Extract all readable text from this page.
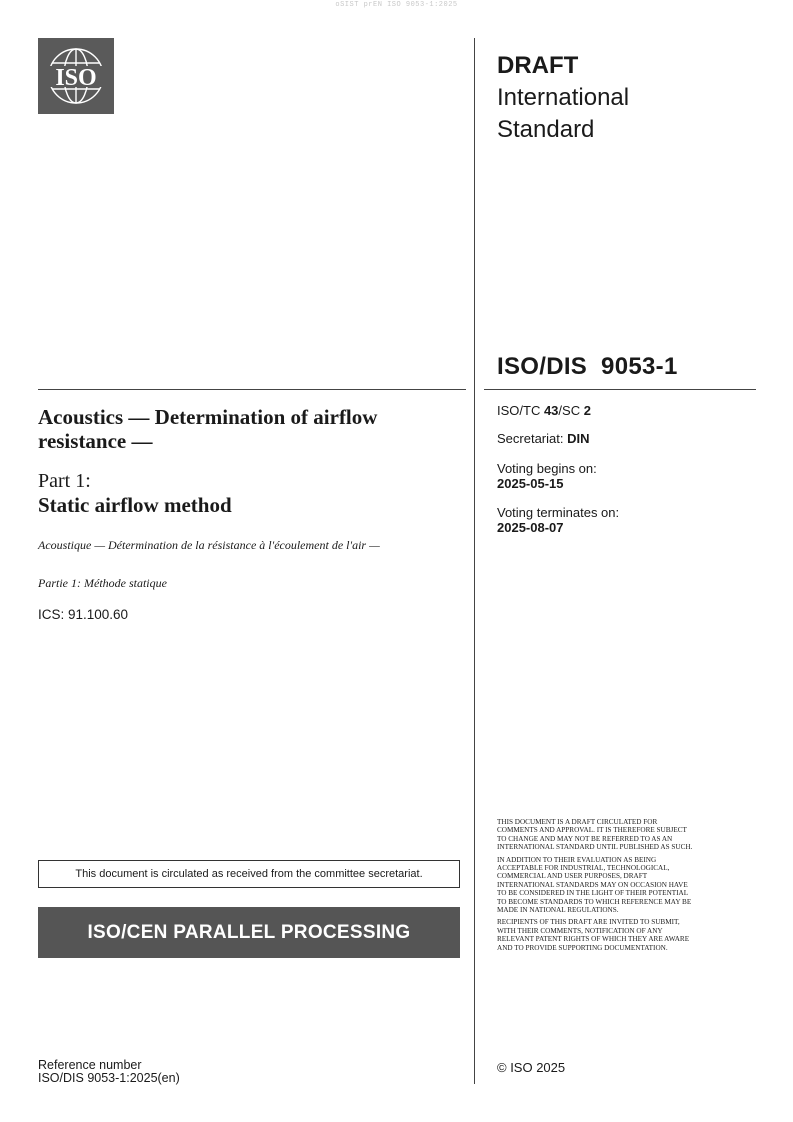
oSIST prEN ISO 9053-1:2025
ISO	DRAFT
International
Standard
ISO/DIS  9053-1
Acoustics — Determination of airflow resistance —
Part 1:
Static airflow method
Acoustique — Détermination de la résistance à l'écoulement de l'air —
Partie 1: Méthode statique
ICS: 91.100.60
ISO/TC 43/SC 2
Secretariat: DIN
Voting begins on:
2025-05-15
Voting terminates on:
2025-08-07

THIS DOCUMENT IS A DRAFT CIRCULATED FOR COMMENTS AND APPROVAL. IT IS THEREFORE SUBJECT TO CHANGE AND MAY NOT BE REFERRED TO AS AN INTERNATIONAL STANDARD UNTIL PUBLISHED AS SUCH.

IN ADDITION TO THEIR EVALUATION AS BEING ACCEPTABLE FOR INDUSTRIAL, TECHNOLOGICAL, COMMERCIAL AND USER PURPOSES, DRAFT INTERNATIONAL STANDARDS MAY ON OCCASION HAVE TO BE CONSIDERED IN THE LIGHT OF THEIR POTENTIAL TO BECOME STANDARDS TO WHICH REFERENCE MAY BE MADE IN NATIONAL REGULATIONS.

RECIPIENTS OF THIS DRAFT ARE INVITED TO SUBMIT, WITH THEIR COMMENTS, NOTIFICATION OF ANY RELEVANT PATENT RIGHTS OF WHICH THEY ARE AWARE AND TO PROVIDE SUPPORTING DOCUMENTATION.

© ISO 2025
This document is circulated as received from the committee secretariat.
ISO/CEN PARALLEL PROCESSING
Reference number
ISO/DIS 9053-1:2025(en)
